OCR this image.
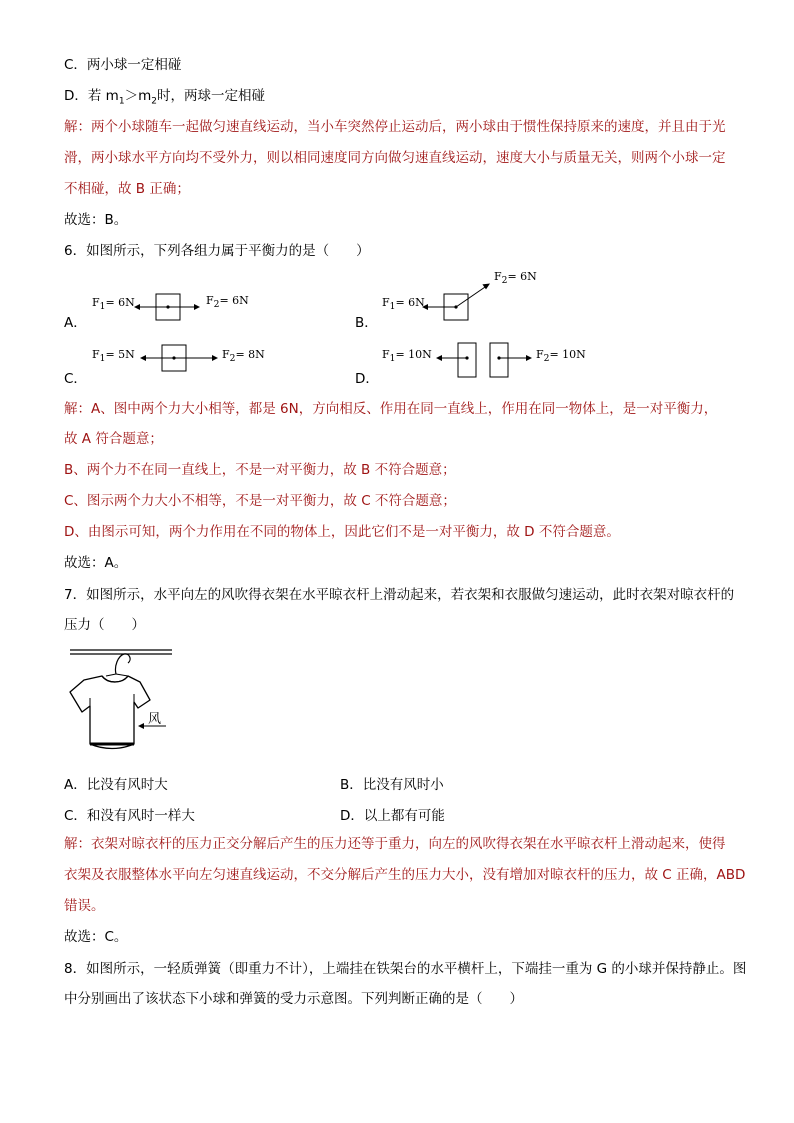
C．两小球一定相碰
D．若 $m_1>m_2$时，两球一定相碰
解：两个小球随车一起做匀速直线运动，当小车突然停止运动后，两小球由于惯性保持原来的速度，并且由于光
滑，两小球水平方向均不受外力，则以相同速度同方向做匀速直线运动，速度大小与质量无关，则两个小球一定
不相碰，故 B 正确；
故选：B。
6．如图所示，下列各组力属于平衡力的是（　　）
A．	B．
C．	D．
$F_1= 6N$	$F_2= 6N$	$F_1= 6N$
$F_2= 6N$
$F_1= 5N$	$F_2= 8N$	$F_1= 10N$	$F_2= 10N$
解：A、图中两个力大小相等，都是 6N，方向相反、作用在同一直线上，作用在同一物体上，是一对平衡力，
故 A 符合题意；
B、两个力不在同一直线上，不是一对平衡力，故 B 不符合题意；
C、图示两个力大小不相等，不是一对平衡力，故 C 不符合题意；
D、由图示可知，两个力作用在不同的物体上，因此它们不是一对平衡力，故 D 不符合题意。
故选：A。
7．如图所示，水平向左的风吹得衣架在水平晾衣杆上滑动起来，若衣架和衣服做匀速运动，此时衣架对晾衣杆的
压力（　　）
风
A．比没有风时大	B．比没有风时小
C．和没有风时一样大	D．以上都有可能
解：衣架对晾衣杆的压力正交分解后产生的压力还等于重力，向左的风吹得衣架在水平晾衣杆上滑动起来，使得
衣架及衣服整体水平向左匀速直线运动，不交分解后产生的压力大小，没有增加对晾衣杆的压力，故 C 正确，ABD
错误。
故选：C。
8．如图所示，一轻质弹簧（即重力不计），上端挂在铁架台的水平横杆上，下端挂一重为 G 的小球并保持静止。图
中分别画出了该状态下小球和弹簧的受力示意图。下列判断正确的是（　　）
